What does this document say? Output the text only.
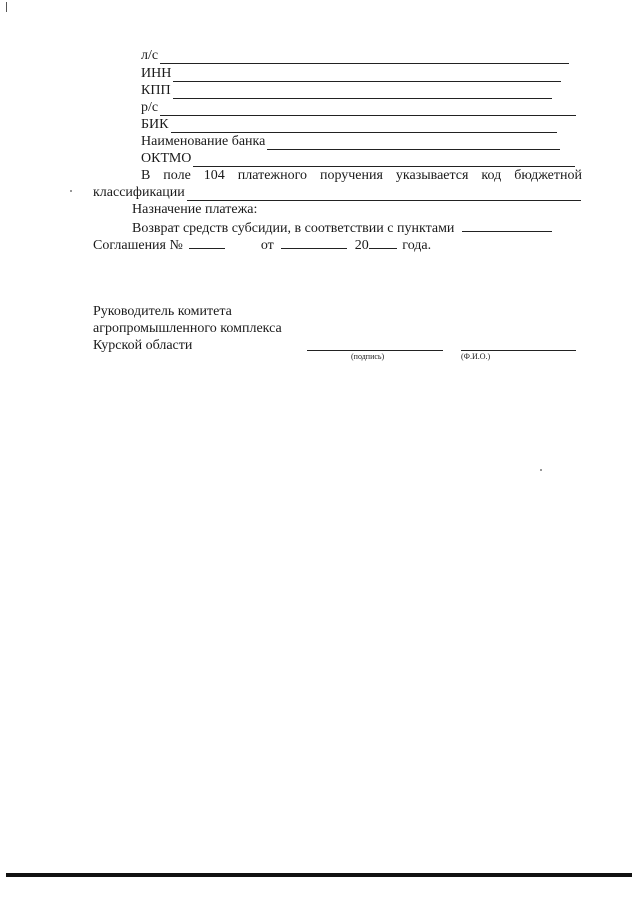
л/с
ИНН
КПП
р/с
БИК
Наименование банка
ОКТМО
В поле 104 платежного поручения указывается код бюджетной
классификации
Назначение платежа:
Возврат средств субсидии, в соответствии с пунктами
Соглашения №	от	20 года.
Руководитель комитета
агропромышленного комплекса
Курской области
(подпись)	(Ф.И.О.)
